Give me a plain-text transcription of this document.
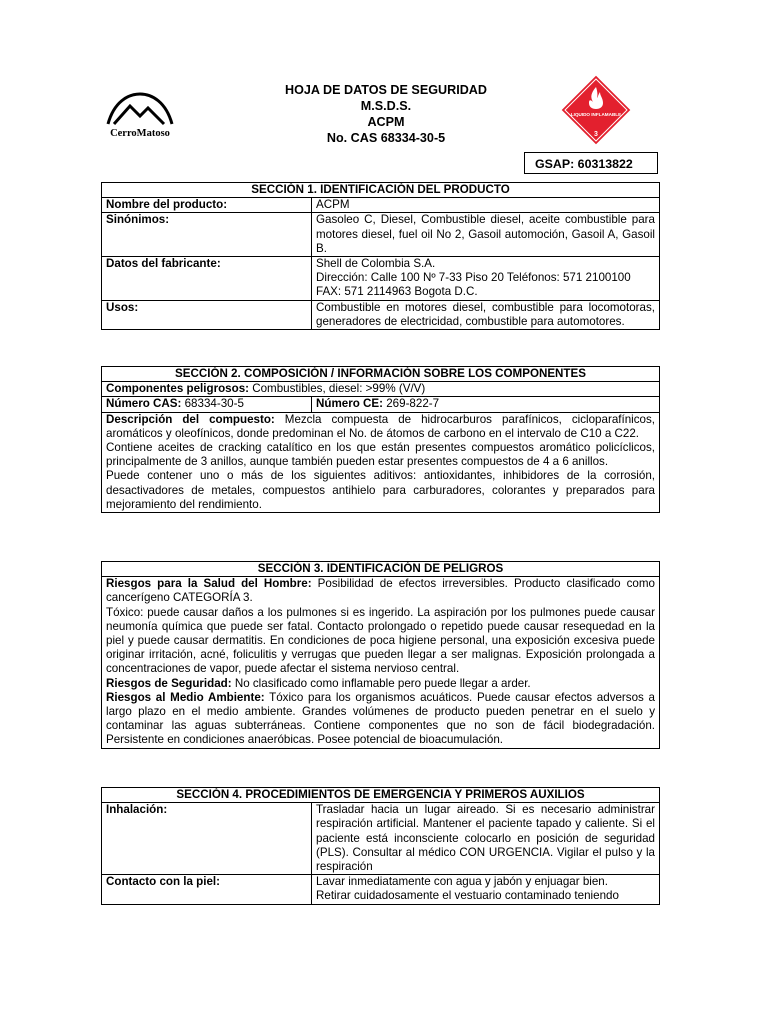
CerroMatoso
HOJA DE DATOS DE SEGURIDAD
M.S.D.S.
ACPM
No. CAS 68334-30-5
LIQUIDO INFLAMABLE
3
GSAP: 60313822
SECCIÓN 1. IDENTIFICACIÓN DEL PRODUCTO	
Nombre del producto:	ACPM
Sinónimos:	Gasoleo C, Diesel, Combustible diesel, aceite combustible para motores diesel, fuel oil No 2, Gasoil automoción, Gasoil A, Gasoil B.
Datos del fabricante:	Shell de Colombia S.A.

Dirección: Calle 100 Nº 7-33 Piso 20 Teléfonos: 571 2100100 FAX: 571 2114963 Bogota D.C.

Usos:	Combustible en motores diesel, combustible para locomotoras, generadores de electricidad, combustible para automotores.
SECCIÓN 2. COMPOSICIÓN / INFORMACIÓN SOBRE LOS COMPONENTES
Componentes peligrosos: Combustibles, diesel: >99% (V/V)
Número CAS: 68334-30-5	Número CE: 269-822-7

Descripción del compuesto: Mezcla compuesta de hidrocarburos parafínicos, cicloparafínicos, aromáticos y oleofínicos, donde predominan el No. de átomos de carbono en el intervalo de C10 a C22.

Contiene aceites de cracking catalítico en los que están presentes compuestos aromático policíclicos, principalmente de 3 anillos, aunque también pueden estar presentes compuestos de 4 a 6 anillos.

Puede contener uno o más de los siguientes aditivos: antioxidantes, inhibidores de la corrosión, desactivadores de metales, compuestos antihielo para carburadores, colorantes y preparados para mejoramiento del rendimiento.

SECCIÓN 3. IDENTIFICACIÓN DE PELIGROS

Riesgos para la Salud del Hombre: Posibilidad de efectos irreversibles. Producto clasificado como cancerígeno CATEGORÍA 3.

Tóxico: puede causar daños a los pulmones si es ingerido. La aspiración por los pulmones puede causar neumonía química que puede ser fatal. Contacto prolongado o repetido puede causar resequedad en la piel y puede causar dermatitis. En condiciones de poca higiene personal, una exposición excesiva puede originar irritación, acné, foliculitis y verrugas que pueden llegar a ser malignas. Exposición prolongada a concentraciones de vapor, puede afectar el sistema nervioso central.

Riesgos de Seguridad: No clasificado como inflamable pero puede llegar a arder.

Riesgos al Medio Ambiente: Tóxico para los organismos acuáticos. Puede causar efectos adversos a largo plazo en el medio ambiente. Grandes volúmenes de producto pueden penetrar en el suelo y contaminar las aguas subterráneas. Contiene componentes que no son de fácil biodegradación. Persistente en condiciones anaeróbicas. Posee potencial de bioacumulación.

SECCIÓN 4. PROCEDIMIENTOS DE EMERGENCIA Y PRIMEROS AUXILIOS	
Inhalación:	Trasladar hacia un lugar aireado. Si es necesario administrar respiración artificial. Mantener el paciente tapado y caliente. Si el paciente está inconsciente colocarlo en posición de seguridad (PLS). Consultar al médico CON URGENCIA. Vigilar el pulso y la respiración
Contacto con la piel:	Lavar inmediatamente con agua y jabón y enjuagar bien.

Retirar cuidadosamente el vestuario contaminado teniendo
